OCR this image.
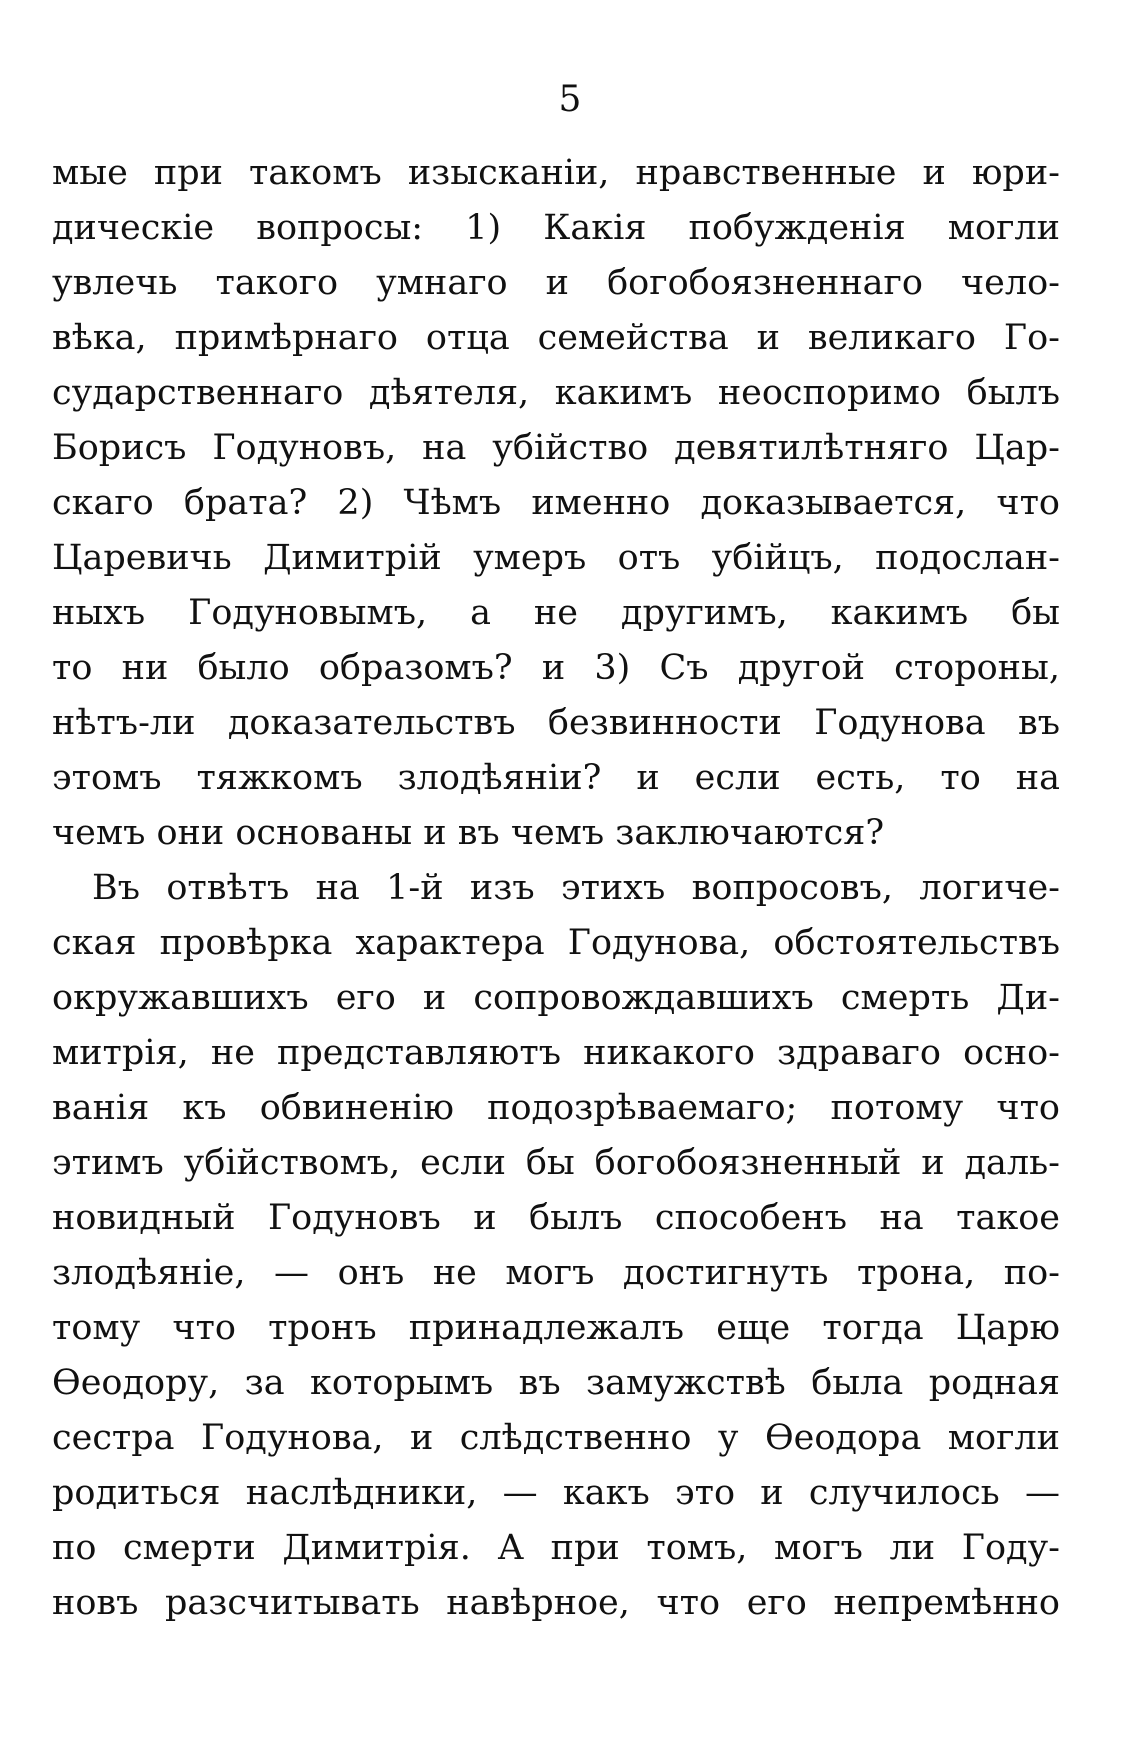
5
мые при такомъ изысканіи, нравственные и юри-
дическіе вопросы: 1) Какія побужденія могли
увлечь такого умнаго и богобоязненнаго чело-
вѣка, примѣрнаго отца семейства и великаго Го-
сударственнаго дѣятеля, какимъ неоспоримо былъ
Борисъ Годуновъ, на убійство девятилѣтняго Цар-
скаго брата? 2) Чѣмъ именно доказывается, что
Царевичь Димитрій умеръ отъ убійцъ, подослан-
ныхъ Годуновымъ, а не другимъ, какимъ бы
то ни было образомъ? и 3) Съ другой стороны,
нѣтъ-ли доказательствъ безвинности Годунова въ
этомъ тяжкомъ злодѣяніи? и если есть, то на
чемъ они основаны и въ чемъ заключаются?
Въ отвѣтъ на 1-й изъ этихъ вопросовъ, логиче-
ская провѣрка характера Годунова, обстоятельствъ
окружавшихъ его и сопровождавшихъ смерть Ди-
митрія, не представляютъ никакого здраваго осно-
ванія къ обвиненію подозрѣваемаго; потому что
этимъ убійствомъ, если бы богобоязненный и даль-
новидный Годуновъ и былъ способенъ на такое
злодѣяніе, — онъ не могъ достигнуть трона, по-
тому что тронъ принадлежалъ еще тогда Царю
Ѳеодору, за которымъ въ замужствѣ была родная
сестра Годунова, и слѣдственно у Ѳеодора могли
родиться наслѣдники, — какъ это и случилось —
по смерти Димитрія. А при томъ, могъ ли Году-
новъ разсчитывать навѣрное, что его непремѣнно
